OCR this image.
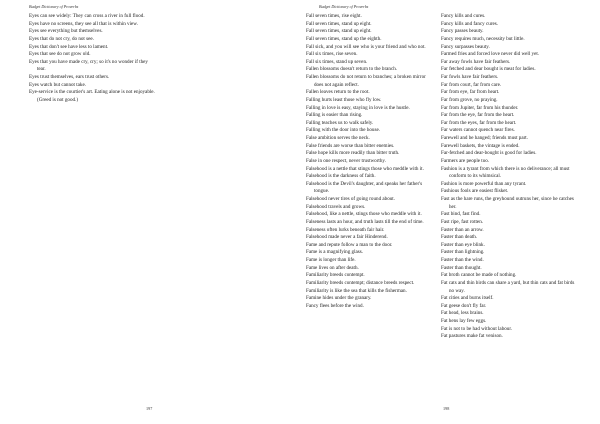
Budget Dictionary of Proverbs
Eyes can see widely: They can cross a river in full flood.
Eyes have no screens, they see all that is within view.
Eyes see everything but themselves.
Eyes that do not cry, do not see.
Eyes that don't see have less to lament.
Eyes that see do not grow old.
Eyes that you have made cry, cry; so it's no wonder if they tear.
Eyes trust themselves, ears trust others.
Eyes watch but cannot take.
Eye-service is the courtier's art. Eating alone is not enjoyable. (Greed is not good.)
197
Budget Dictionary of Proverbs
Fall seven times, rise eight.
Fall seven times, stand up eight.
Fall seven times, stand up eight.
Fall seven times, stand up the eighth.
Fall sick, and you will see who is your friend and who not.
Fall six times, rise seven.
Fall six times, stand up seven.
Fallen blossoms doesn't return to the branch.
Fallen blossoms do not return to branches; a broken mirror does not again reflect.
Fallen leaves return to the root.
Falling hurts least those who fly low.
Falling in love is easy, staying in love is the hustle.
Falling is easier than rising.
Falling teaches us to walk safely.
Falling with the door into the house.
False ambition serves the neck.
False friends are worse than bitter enemies.
False hope kills more readily than bitter truth.
False in one respect, never trustworthy.
Falsehood is a nettle that stings those who meddle with it.
Falsehood is the darkness of faith.
Falsehood is the Devil's daughter, and speaks her father's tongue.
Falsehood never tires of going round about.
Falsehood travels and grows.
Falsehood, like a nettle, stings those who meddle with it.
Falseness lasts an hour, and truth lasts till the end of time.
Falseness often lurks beneath fair hair.
Falsehood made never a fair Hinderend.
Fame and repute follow a man to the door.
Fame is a magnifying glass.
Fame is longer than life.
Fame lives on after death.
Familiarity breeds contempt.
Familiarity breeds contempt; distance breeds respect.
Familiarity is like the sea that kills the fisherman.
Famine hides under the granary.
Fancy flees before the wind.
Fancy kills and cures.
Fancy kills and fancy cures.
Fancy passes beauty.
Fancy requires much, necessity but little.
Fancy surpasses beauty.
Farmed fries and forced love never did well yet.
Far away fowls have fair feathers.
Far fetched and dear bought is meat for ladies.
Far fowls have fair feathers.
Far from court, far from care.
Far from eye, far from heart.
Far from grove, no praying.
Far from Jupiter, far from his thunder.
Far from the eye, far from the heart.
Far from the eyes, far from the heart.
Far waters cannot quench near fires.
Farewell and be hanged; friends must part.
Farewell baskets, the vintage is ended.
Far-fetched and dear-bought is good for ladies.
Farmers are people too.
Fashion is a tyrant from which there is no deliverance; all must conform to its whimsical.
Fashion is more powerful than any tyrant.
Fashious fools are easiest flisket.
Fast as the hare runs, the greyhound outruns her, since he catches her.
Fast bind, fast find.
Fast ripe, fast rotten.
Faster than an arrow.
Faster than death.
Faster than eye blink.
Faster than lightning.
Faster than the wind.
Faster than thought.
Fat broth cannot be made of nothing.
Fat cats and thin birds can share a yard, but thin cats and fat birds no way.
Fat cities and burns itself.
Fat geese don't fly far.
Fat head, less brains.
Fat hens lay few eggs.
Fat is not to be had without labour.
Fat pastures make fat venison.
198
